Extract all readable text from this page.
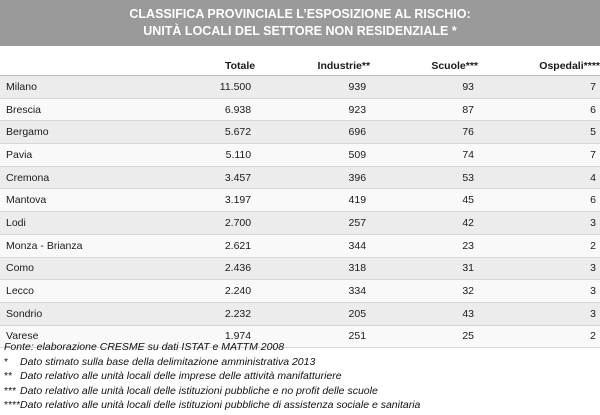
CLASSIFICA PROVINCIALE L’ESPOSIZIONE AL RISCHIO:
UNITÀ LOCALI DEL SETTORE NON RESIDENZIALE *
	Totale	Industrie**	Scuole***	Ospedali****
Milano	11.500	939	93	7
Brescia	6.938	923	87	6
Bergamo	5.672	696	76	5
Pavia	5.110	509	74	7
Cremona	3.457	396	53	4
Mantova	3.197	419	45	6
Lodi	2.700	257	42	3
Monza - Brianza	2.621	344	23	2
Como	2.436	318	31	3
Lecco	2.240	334	32	3
Sondrio	2.232	205	43	3
Varese	1.974	251	25	2
Fonte: elaborazione CRESME su dati ISTAT e MATTM 2008
* Dato stimato sulla base della delimitazione amministrativa 2013
** Dato relativo alle unità locali delle imprese delle attività manifatturiere
*** Dato relativo alle unità locali delle istituzioni pubbliche e no profit delle scuole
****Dato relativo alle unità locali delle istituzioni pubbliche di assistenza sociale e sanitaria
